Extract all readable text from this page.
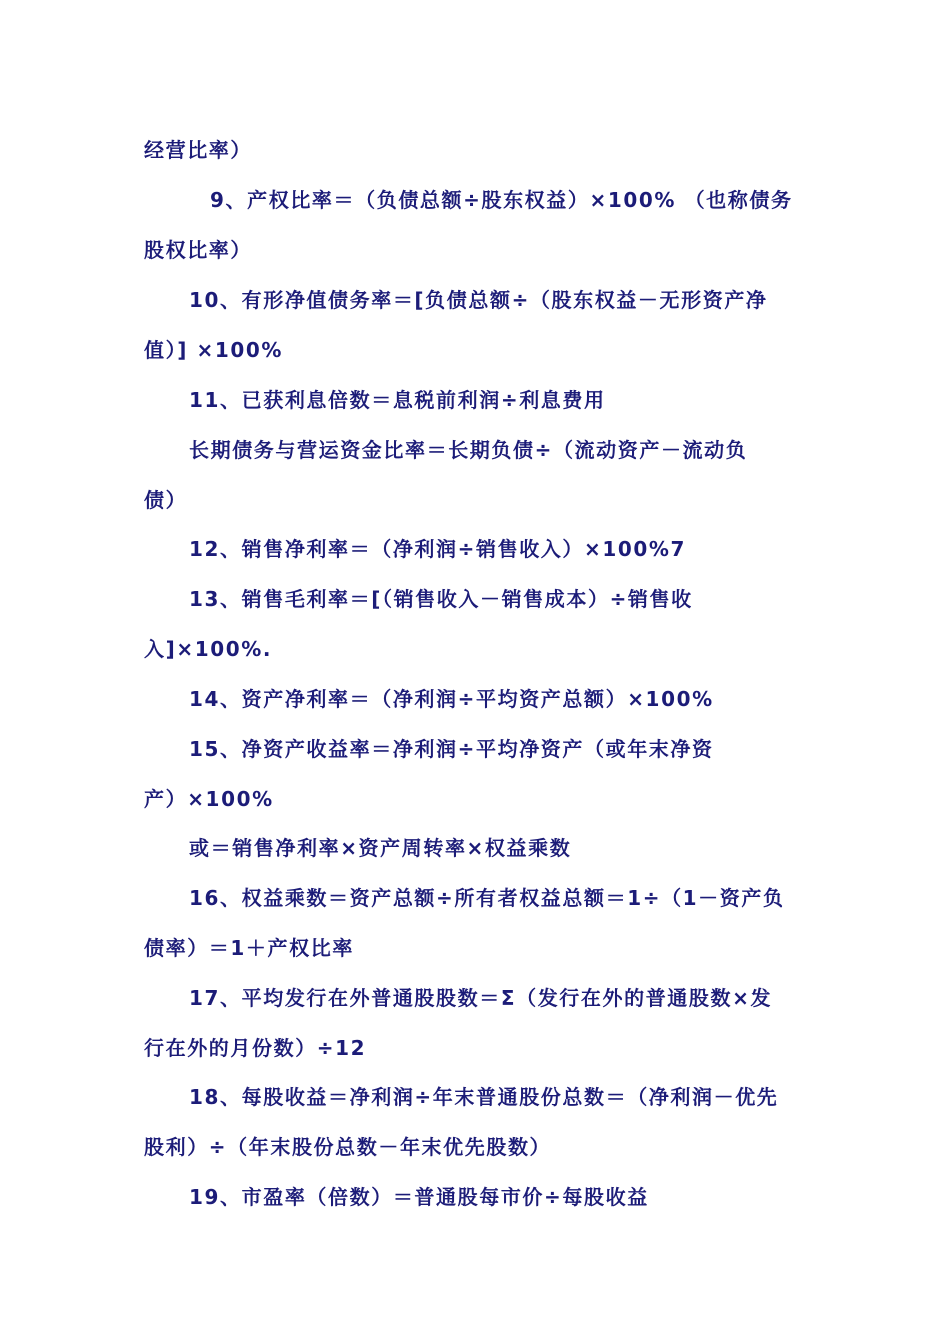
经营比率）

9、产权比率＝（负债总额÷股东权益）×100% （也称债务

股权比率）

10、有形净值债务率＝[负债总额÷（股东权益－无形资产净

值）] ×100%

11、已获利息倍数＝息税前利润÷利息费用

长期债务与营运资金比率＝长期负债÷（流动资产－流动负

债）

12、销售净利率＝（净利润÷销售收入）×100%7

13、销售毛利率＝[（销售收入－销售成本）÷销售收

入]×100%.

14、资产净利率＝（净利润÷平均资产总额）×100%

15、净资产收益率＝净利润÷平均净资产（或年末净资

产）×100%

或＝销售净利率×资产周转率×权益乘数

16、权益乘数＝资产总额÷所有者权益总额＝1÷（1－资产负

债率）＝1＋产权比率

17、平均发行在外普通股股数＝Σ（发行在外的普通股数×发

行在外的月份数）÷12

18、每股收益＝净利润÷年末普通股份总数＝（净利润－优先

股利）÷（年末股份总数－年末优先股数）

19、市盈率（倍数）＝普通股每市价÷每股收益
